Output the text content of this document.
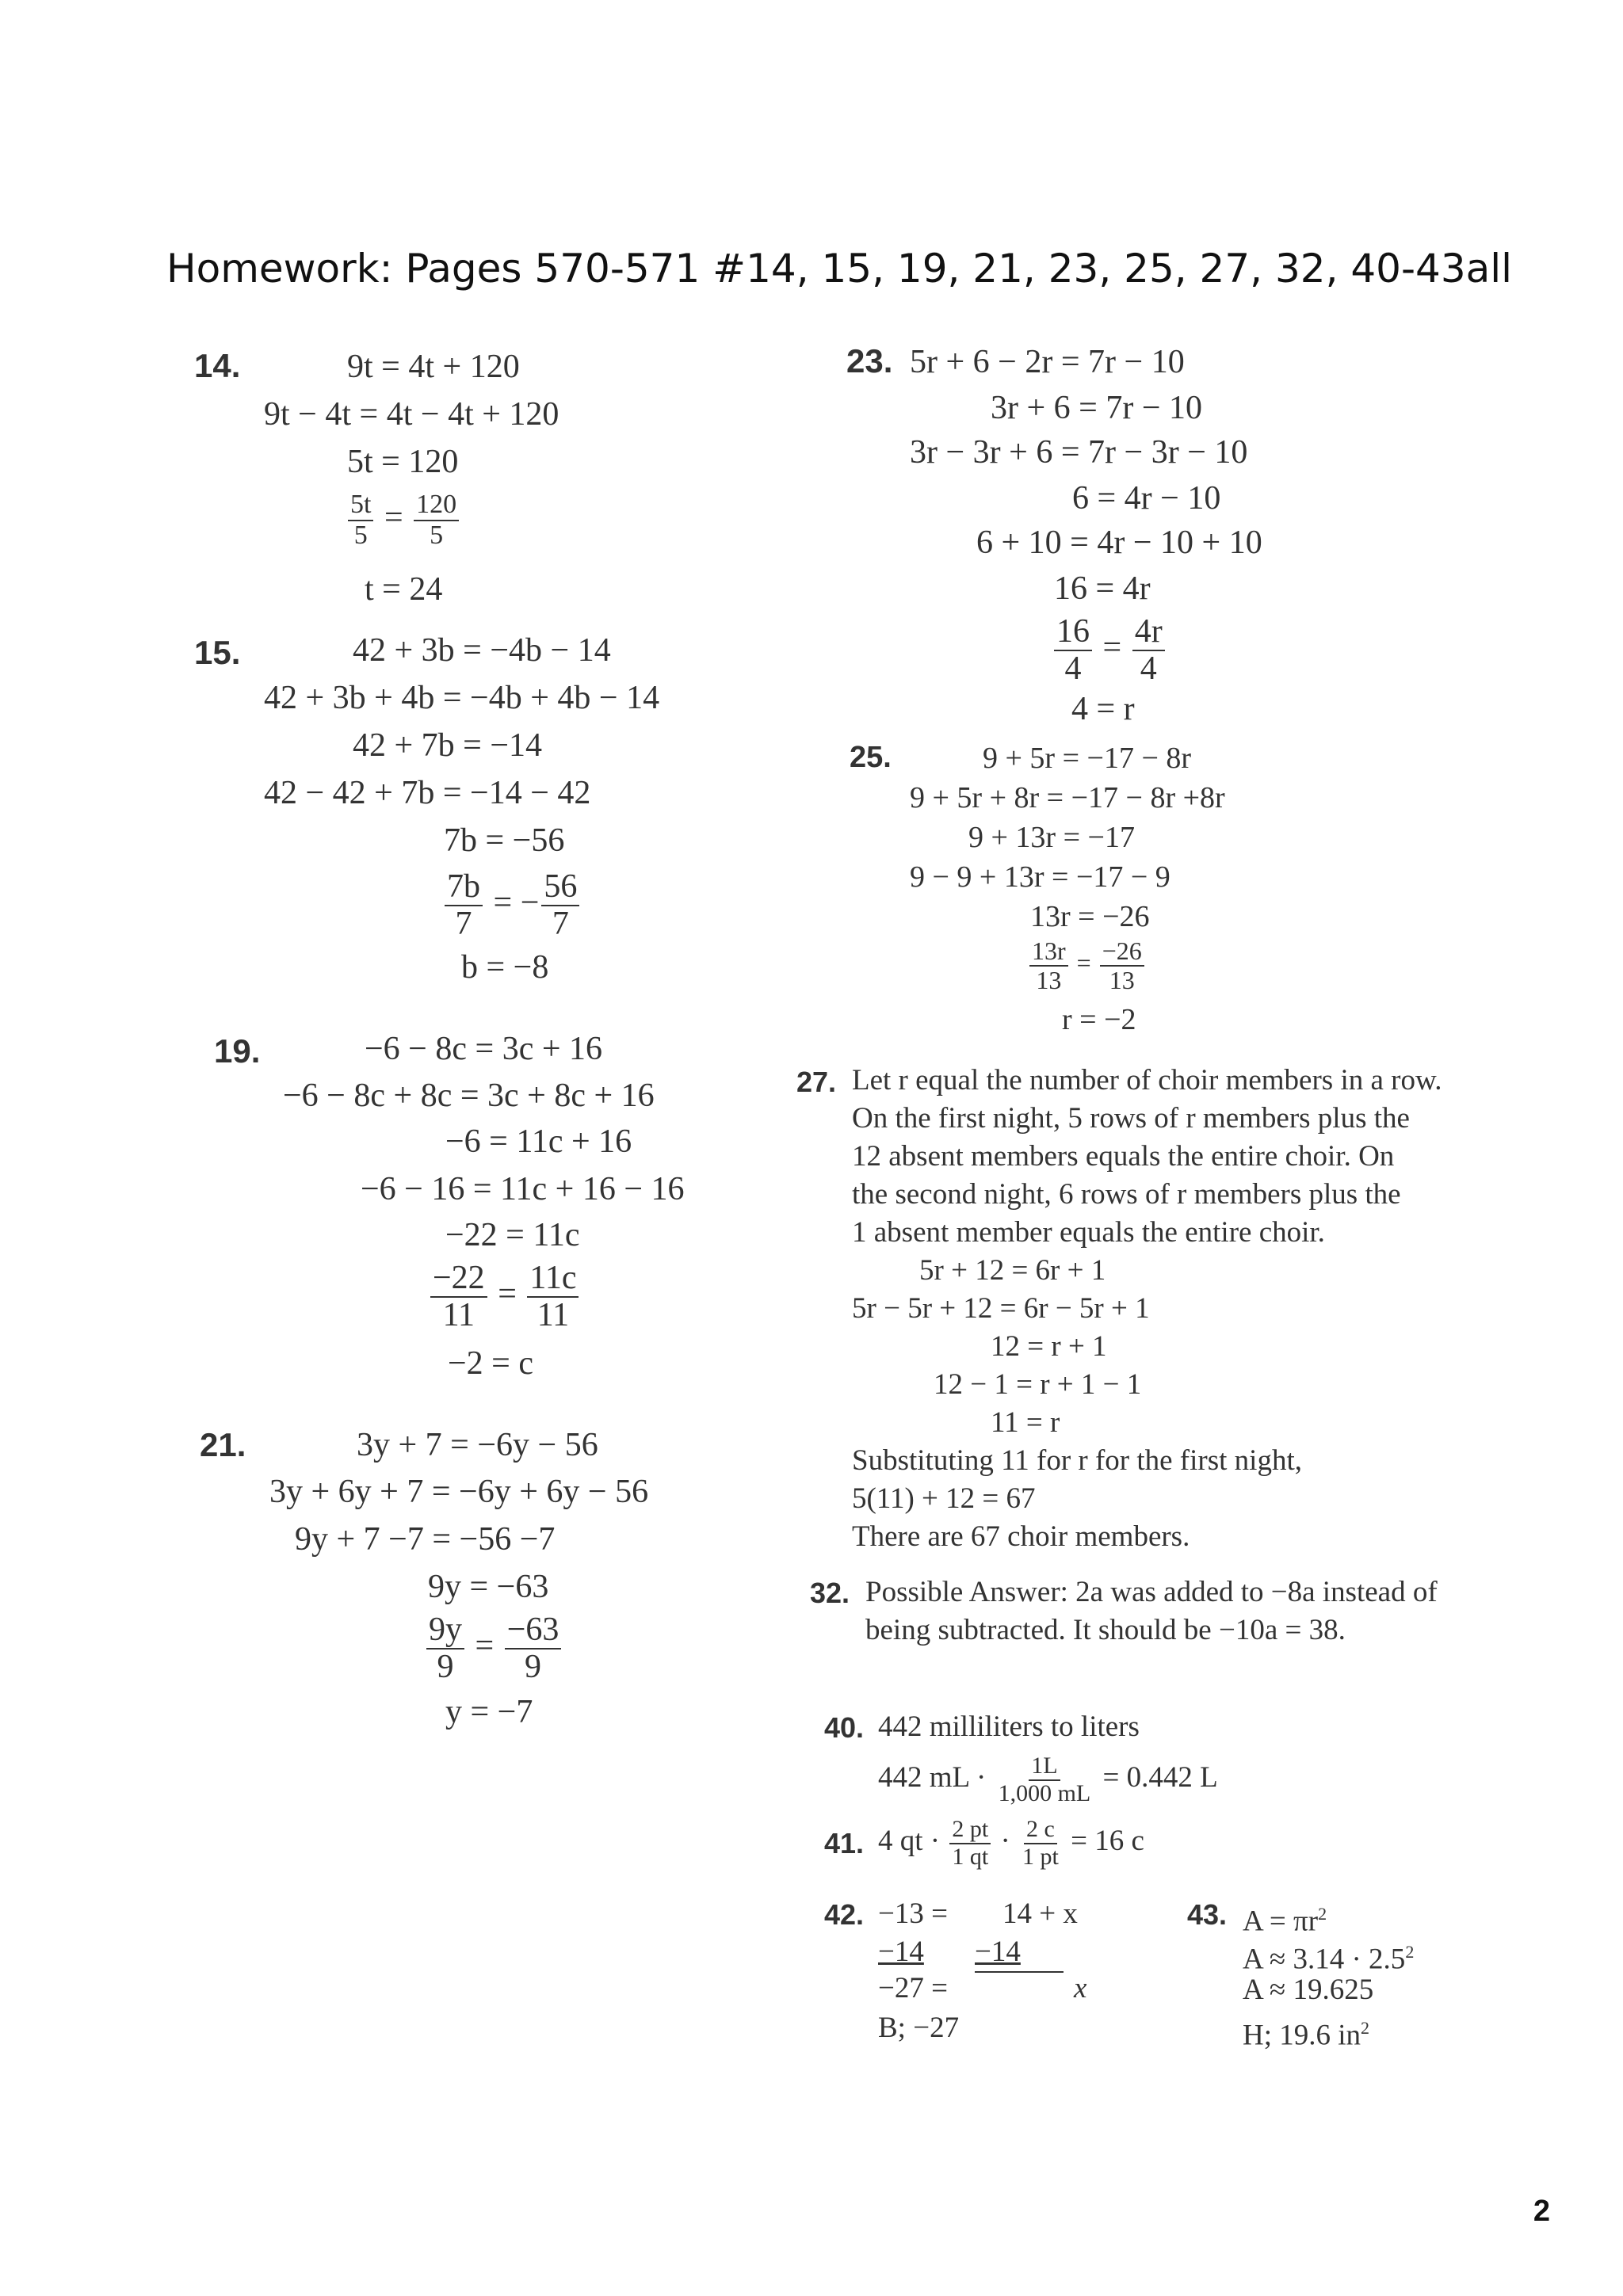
Homework: Pages 570-571 #14, 15, 19, 21, 23, 25, 27, 32, 40-43all
14.	9t = 4t + 120
9t − 4t = 4t − 4t + 120
5t = 120
$\frac{5t}{5} = \frac{120}{5}$
t = 24
15.	42 + 3b = −4b − 14
42 + 3b + 4b = −4b + 4b − 14
42 + 7b = −14
42 − 42 + 7b = −14 − 42
7b = −56
$\frac{7b}{7}$ = − $\frac{56}{7}$
b = −8
19.	−6 − 8c = 3c + 16
−6 − 8c + 8c = 3c + 8c + 16
−6 = 11c + 16
−6 − 16 = 11c + 16 − 16
−22 = 11c
$\frac{-22}{11} = \frac{11c}{11}$
−2 = c
21.	3y + 7 = −6y − 56
3y + 6y + 7 = −6y + 6y − 56
9y + 7 −7 = −56 −7
9y = −63
$\frac{9y}{9} = \frac{-63}{9}$
y = −7
23. 5r + 6 − 2r = 7r − 10
3r + 6 = 7r − 10
3r − 3r + 6 = 7r − 3r − 10
6 = 4r − 10
6 + 10 = 4r − 10 + 10
16 = 4r
$\frac{16}{4} = \frac{4r}{4}$
4 = r
25.	9 + 5r = −17 − 8r
9 + 5r + 8r = −17 − 8r +8r
9 + 13r = −17
9 − 9 + 13r = −17 − 9
13r = −26
$\frac{13r}{13} = \frac{-26}{13}$
r = −2
27. Let r equal the number of choir members in a row.
On the first night, 5 rows of r members plus the
12 absent members equals the entire choir. On
the second night, 6 rows of r members plus the
1 absent member equals the entire choir.
5r + 12 = 6r + 1
5r − 5r + 12 = 6r − 5r + 1
12 = r + 1
12 − 1 = r + 1 − 1
11 = r
Substituting 11 for r for the first night,
5(11) + 12 = 67
There are 67 choir members.
32. Possible Answer: 2a was added to −8a instead of
being subtracted. It should be −10a = 38.
40. 442 milliliters to liters
442 mL · $\frac{1L}{1,000 mL} = 0.442$ L
41. 4 qt · $\frac{2 pt}{1 qt} \cdot \frac{2 c}{1 pt} = 16$ c
42. −13 = 14 + x
−14 −14
−27 =	x
B; −27
43. $A = \pi r^2$
$A \approx 3.14 \cdot 2.5^2$
A ≈ 19.625
H; 19.6 $in^2$
2
